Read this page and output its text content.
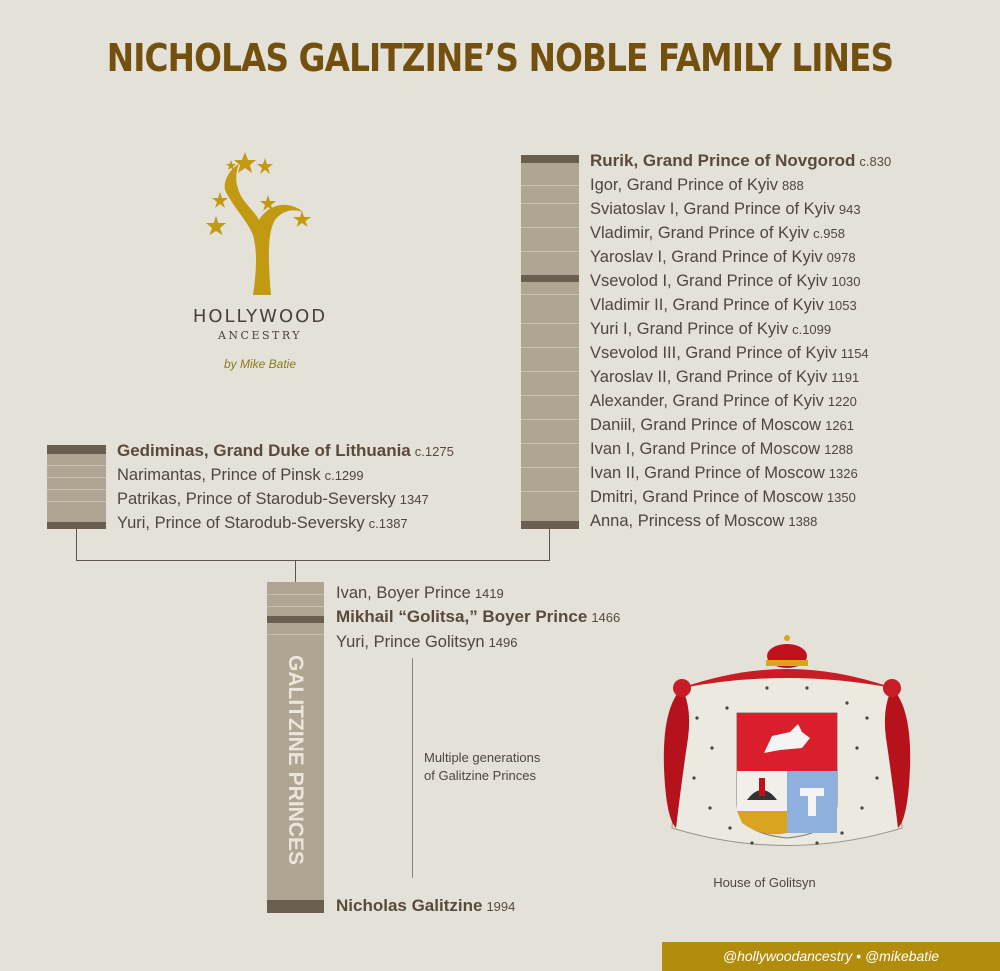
NICHOLAS GALITZINE’S NOBLE FAMILY LINES
HOLLYWOOD
ANCESTRY
by Mike Batie
Gediminas, Grand Duke of Lithuania c.1275
Narimantas, Prince of Pinsk c.1299
Patrikas, Prince of Starodub-Seversky 1347
Yuri, Prince of Starodub-Seversky c.1387
Rurik, Grand Prince of Novgorod c.830
Igor, Grand Prince of Kyiv 888
Sviatoslav I, Grand Prince of Kyiv 943
Vladimir, Grand Prince of Kyiv c.958
Yaroslav I, Grand Prince of Kyiv 0978
Vsevolod I, Grand Prince of Kyiv 1030
Vladimir II, Grand Prince of Kyiv 1053
Yuri I, Grand Prince of Kyiv c.1099
Vsevolod III, Grand Prince of Kyiv 1154
Yaroslav II, Grand Prince of Kyiv 1191
Alexander, Grand Prince of Kyiv 1220
Daniil, Grand Prince of Moscow 1261
Ivan I, Grand Prince of Moscow 1288
Ivan II, Grand Prince of Moscow 1326
Dmitri, Grand Prince of Moscow 1350
Anna, Princess of Moscow 1388
GALITZINE PRINCES
Ivan, Boyer Prince 1419
Mikhail “Golitsa,” Boyer Prince 1466
Yuri, Prince Golitsyn 1496
Multiple generations
of Galitzine Princes
Nicholas Galitzine 1994
House of Golitsyn
@hollywoodancestry • @mikebatie
